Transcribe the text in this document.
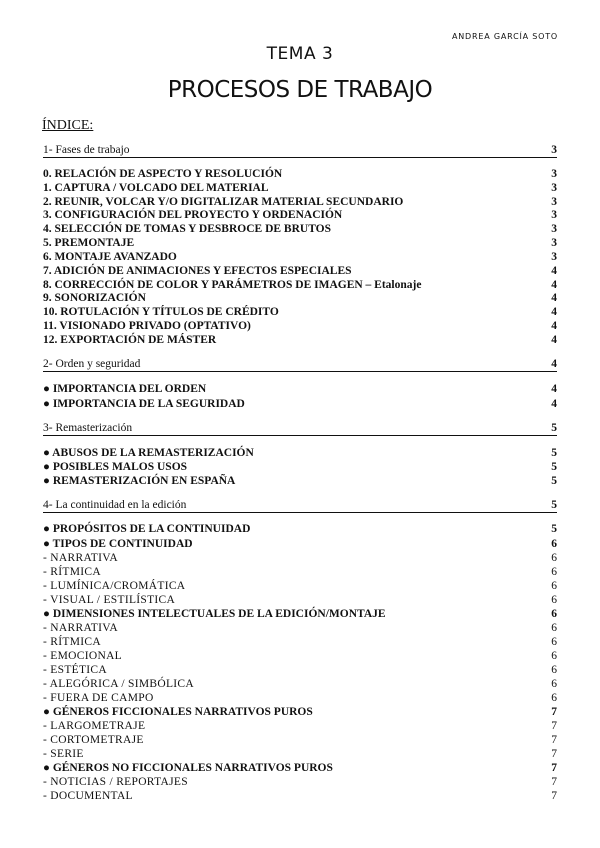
ANDREA GARCÍA SOTO
TEMA 3
PROCESOS DE TRABAJO
ÍNDICE:
1- Fases de trabajo	3
0. RELACIÓN DE ASPECTO Y RESOLUCIÓN	3
1. CAPTURA / VOLCADO DEL MATERIAL	3
2. REUNIR, VOLCAR Y/O DIGITALIZAR MATERIAL SECUNDARIO	3
3. CONFIGURACIÓN DEL PROYECTO Y ORDENACIÓN	3
4. SELECCIÓN DE TOMAS Y DESBROCE DE BRUTOS	3
5. PREMONTAJE	3
6. MONTAJE AVANZADO	3
7. ADICIÓN DE ANIMACIONES Y EFECTOS ESPECIALES	4
8. CORRECCIÓN DE COLOR Y PARÁMETROS DE IMAGEN – Etalonaje	4
9. SONORIZACIÓN	4
10. ROTULACIÓN Y TÍTULOS DE CRÉDITO	4
11. VISIONADO PRIVADO (OPTATIVO)	4
12. EXPORTACIÓN DE MÁSTER	4
2- Orden y seguridad	4
● IMPORTANCIA DEL ORDEN	4
● IMPORTANCIA DE LA SEGURIDAD	4
3- Remasterización	5
● ABUSOS DE LA REMASTERIZACIÓN	5
● POSIBLES MALOS USOS	5
● REMASTERIZACIÓN EN ESPAÑA	5
4- La continuidad en la edición	5
● PROPÓSITOS DE LA CONTINUIDAD	5
● TIPOS DE CONTINUIDAD	6
- NARRATIVA	6
- RÍTMICA	6
- LUMÍNICA/CROMÁTICA	6
- VISUAL / ESTILÍSTICA	6
● DIMENSIONES INTELECTUALES DE LA EDICIÓN/MONTAJE	6
- NARRATIVA	6
- RÍTMICA	6
- EMOCIONAL	6
- ESTÉTICA	6
- ALEGÓRICA / SIMBÓLICA	6
- FUERA DE CAMPO	6
● GÉNEROS FICCIONALES NARRATIVOS PUROS	7
- LARGOMETRAJE	7
- CORTOMETRAJE	7
- SERIE	7
● GÉNEROS NO FICCIONALES NARRATIVOS PUROS	7
- NOTICIAS / REPORTAJES	7
- DOCUMENTAL	7
